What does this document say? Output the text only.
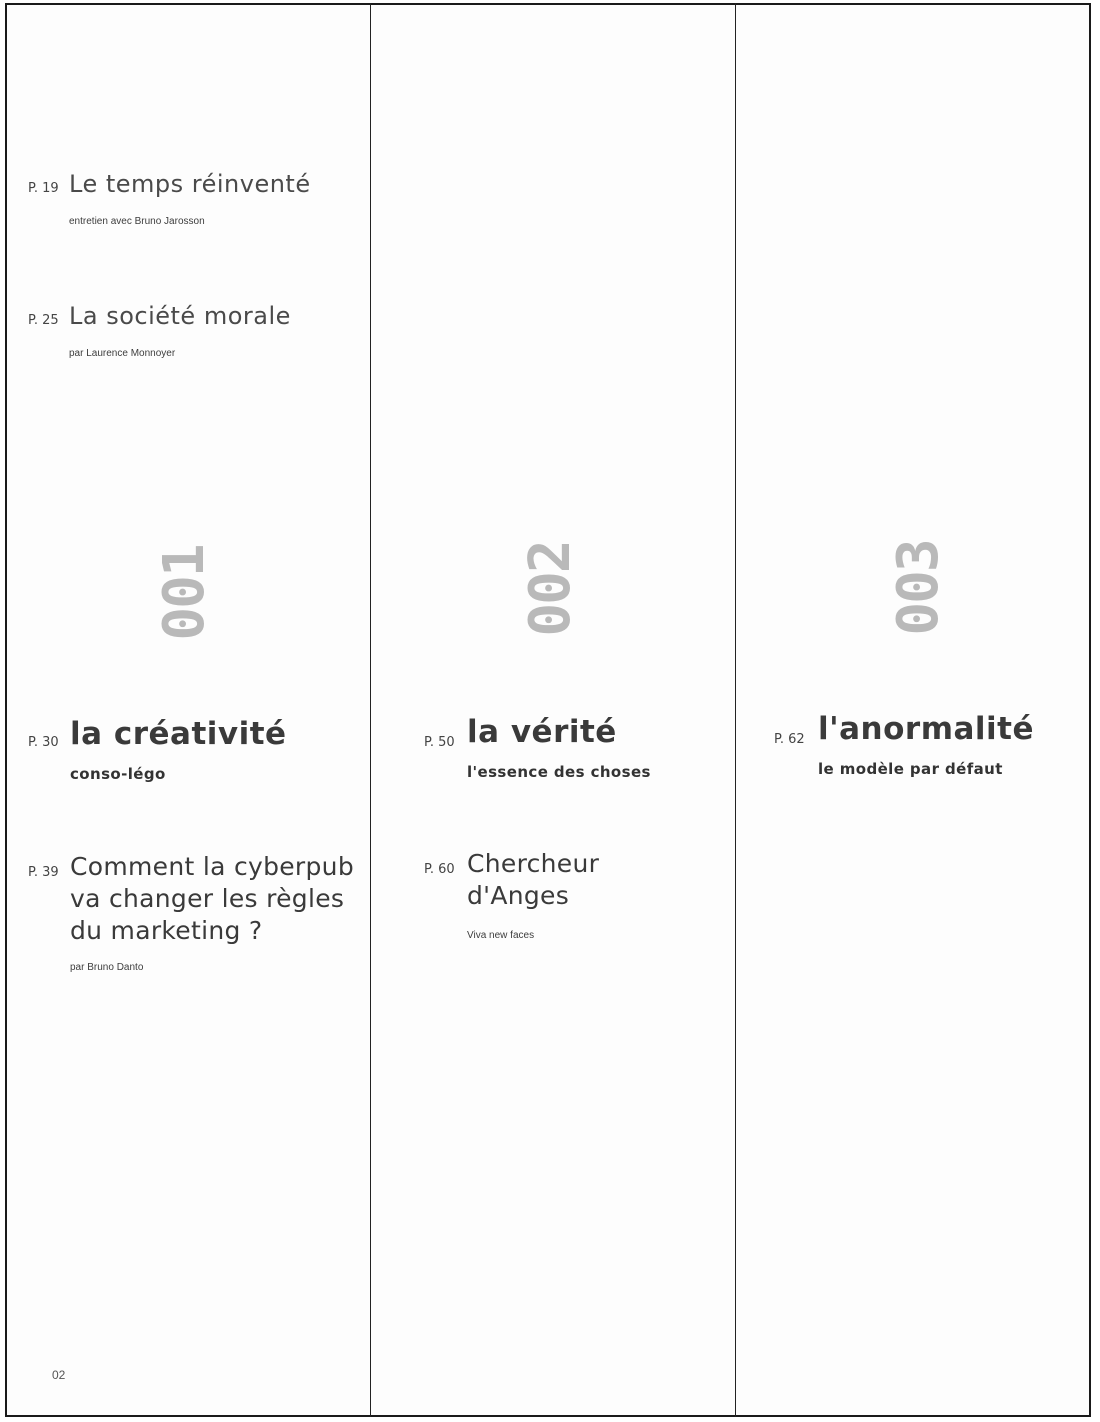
P. 19 Le temps réinventé
entretien avec Bruno Jarosson
P. 25 La société morale
par Laurence Monnoyer
001
P. 30 la créativité
conso-légo
P. 39 Comment la cyberpub
va changer les règles
du marketing ?
par Bruno Danto
002
P. 50 la vérité
l'essence des choses
P. 60 Chercheur
d'Anges
Viva new faces
003
P. 62 l'anormalité
le modèle par défaut
02
